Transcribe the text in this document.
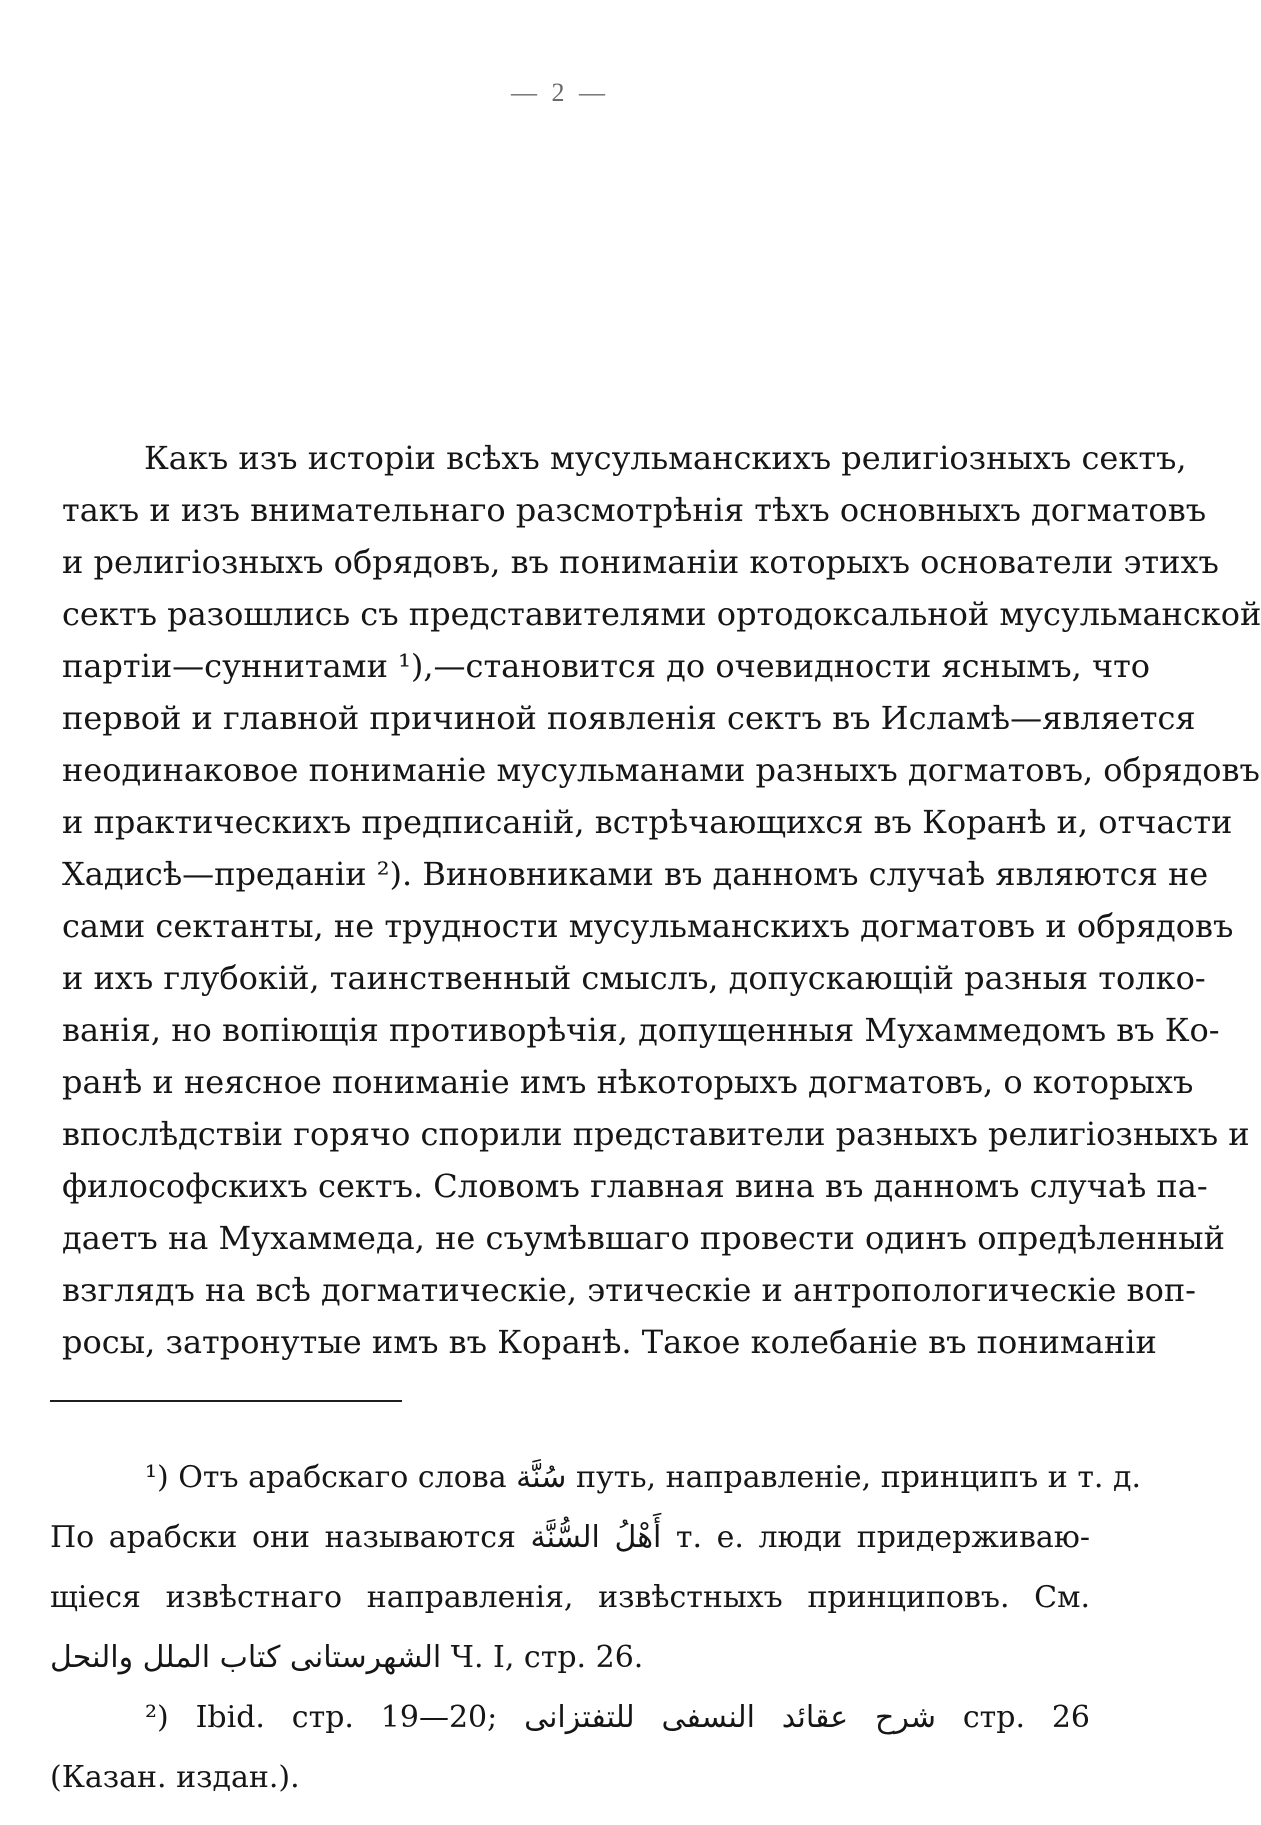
— 2 —
Какъ изъ исторіи всѣхъ мусульманскихъ религіозныхъ сектъ,
такъ и изъ внимательнаго разсмотрѣнія тѣхъ основныхъ догматовъ
и религіозныхъ обрядовъ, въ пониманіи которыхъ основатели этихъ
сектъ разошлись съ представителями ортодоксальной мусульманской
партіи—суннитами ¹),—становится до очевидности яснымъ, что
первой и главной причиной появленія сектъ въ Исламѣ—является
неодинаковое пониманіе мусульманами разныхъ догматовъ, обрядовъ
и практическихъ предписаній, встрѣчающихся въ Коранѣ и, отчасти
Хадисѣ—преданіи ²). Виновниками въ данномъ случаѣ являются не
сами сектанты, не трудности мусульманскихъ догматовъ и обрядовъ
и ихъ глубокій, таинственный смыслъ, допускающій разныя толко-
ванія, но вопіющія противорѣчія, допущенныя Мухаммедомъ въ Ко-
ранѣ и неясное пониманіе имъ нѣкоторыхъ догматовъ, о которыхъ
впослѣдствіи горячо спорили представители разныхъ религіозныхъ и
философскихъ сектъ. Словомъ главная вина въ данномъ случаѣ па-
даетъ на Мухаммеда, не съумѣвшаго провести одинъ опредѣленный
взглядъ на всѣ догматическіе, этическіе и антропологическіе воп-
росы, затронутые имъ въ Коранѣ. Такое колебаніе въ пониманіи
¹) Отъ арабскаго слова سُنَّة путь, направленіе, принципъ и т. д.
По арабски они называются أَهْلُ السُّنَّة т. е. люди придерживаю-
щіеся извѣстнаго направленія, извѣстныхъ принциповъ. См.
الشهرستانى كتاب الملل والنحل Ч. I, стр. 26.
²) Ibid. стр. 19—20; شرح عقائد النسفى للتفتزانى стр. 26
(Казан. издан.).
